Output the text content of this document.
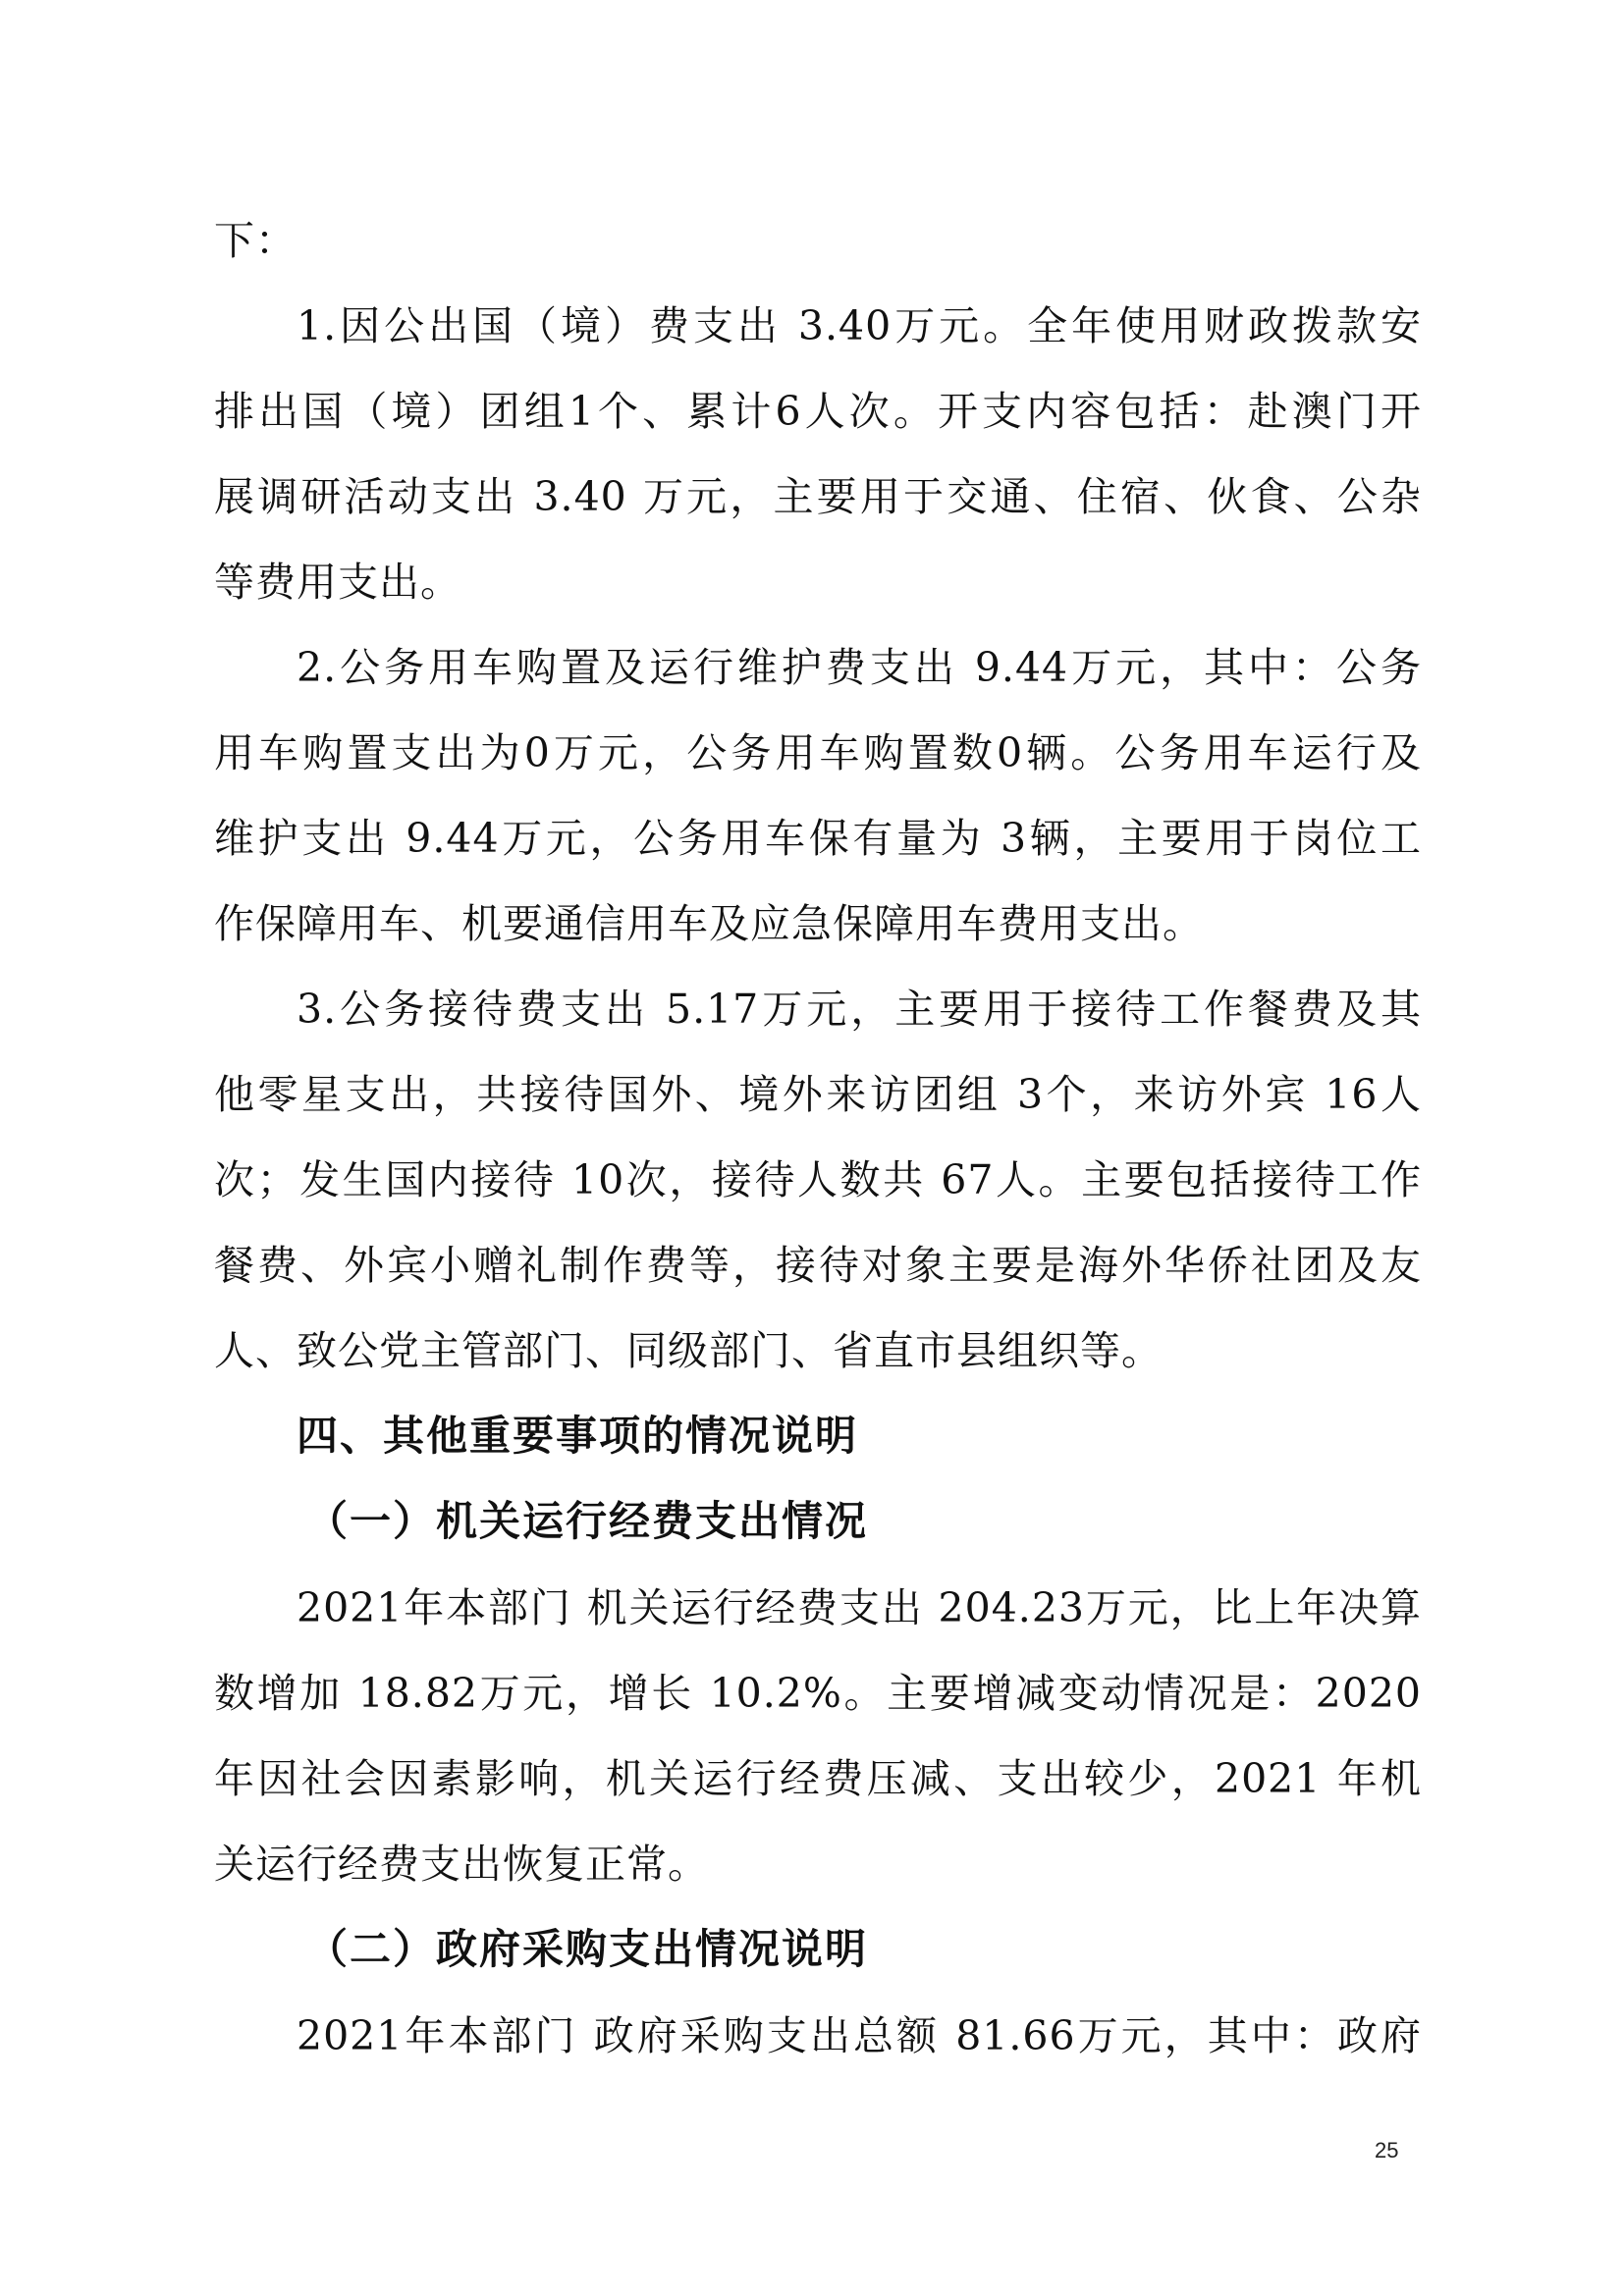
下：
1.因公出国（境）费支出 3.40万元。全年使用财政拨款安
排出国（境）团组1个、累计6人次。开支内容包括：赴澳门开
展调研活动支出 3.40 万元，主要用于交通、住宿、伙食、公杂
等费用支出。
2.公务用车购置及运行维护费支出 9.44万元，其中：公务
用车购置支出为0万元，公务用车购置数0辆。公务用车运行及
维护支出 9.44万元，公务用车保有量为 3辆，主要用于岗位工
作保障用车、机要通信用车及应急保障用车费用支出。
3.公务接待费支出 5.17万元，主要用于接待工作餐费及其
他零星支出，共接待国外、境外来访团组 3个，来访外宾 16人
次；发生国内接待 10次，接待人数共 67人。主要包括接待工作
餐费、外宾小赠礼制作费等，接待对象主要是海外华侨社团及友
人、致公党主管部门、同级部门、省直市县组织等。
四、其他重要事项的情况说明
（一）机关运行经费支出情况
2021年本部门 机关运行经费支出 204.23万元，比上年决算
数增加 18.82万元，增长 10.2%。主要增减变动情况是：2020
年因社会因素影响，机关运行经费压减、支出较少，2021 年机
关运行经费支出恢复正常。
（二）政府采购支出情况说明
2021年本部门 政府采购支出总额 81.66万元，其中：政府
25
